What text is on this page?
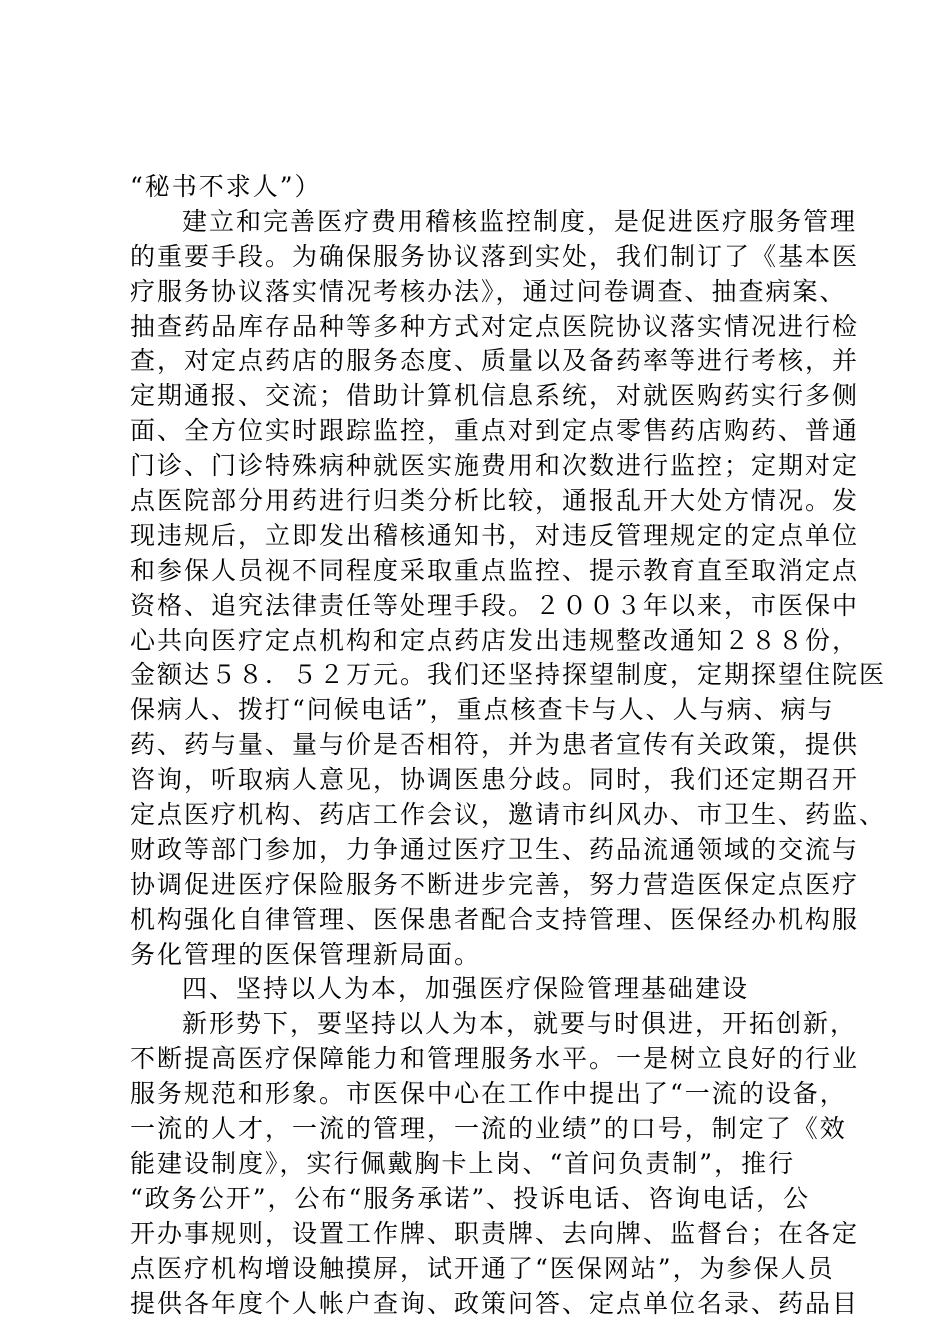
“秘书不求人”）
建立和完善医疗费用稽核监控制度，是促进医疗服务管理
的重要手段。为确保服务协议落到实处，我们制订了《基本医
疗服务协议落实情况考核办法》，通过问卷调查、抽查病案、
抽查药品库存品种等多种方式对定点医院协议落实情况进行检
查，对定点药店的服务态度、质量以及备药率等进行考核，并
定期通报、交流；借助计算机信息系统，对就医购药实行多侧
面、全方位实时跟踪监控，重点对到定点零售药店购药、普通
门诊、门诊特殊病种就医实施费用和次数进行监控；定期对定
点医院部分用药进行归类分析比较，通报乱开大处方情况。发
现违规后，立即发出稽核通知书，对违反管理规定的定点单位
和参保人员视不同程度采取重点监控、提示教育直至取消定点
资格、追究法律责任等处理手段。２００３年以来，市医保中
心共向医疗定点机构和定点药店发出违规整改通知２８８份，
金额达５８．５２万元。我们还坚持探望制度，定期探望住院医
保病人、拨打“问候电话”，重点核查卡与人、人与病、病与
药、药与量、量与价是否相符，并为患者宣传有关政策，提供
咨询，听取病人意见，协调医患分歧。同时，我们还定期召开
定点医疗机构、药店工作会议，邀请市纠风办、市卫生、药监、
财政等部门参加，力争通过医疗卫生、药品流通领域的交流与
协调促进医疗保险服务不断进步完善，努力营造医保定点医疗
机构强化自律管理、医保患者配合支持管理、医保经办机构服
务化管理的医保管理新局面。
四、坚持以人为本，加强医疗保险管理基础建设
新形势下，要坚持以人为本，就要与时俱进，开拓创新，
不断提高医疗保障能力和管理服务水平。一是树立良好的行业
服务规范和形象。市医保中心在工作中提出了“一流的设备，
一流的人才，一流的管理，一流的业绩”的口号，制定了《效
能建设制度》，实行佩戴胸卡上岗、“首问负责制”，推行
“政务公开”，公布“服务承诺”、投诉电话、咨询电话，公
开办事规则，设置工作牌、职责牌、去向牌、监督台；在各定
点医疗机构增设触摸屏，试开通了“医保网站”，为参保人员
提供各年度个人帐户查询、政策问答、定点单位名录、药品目
